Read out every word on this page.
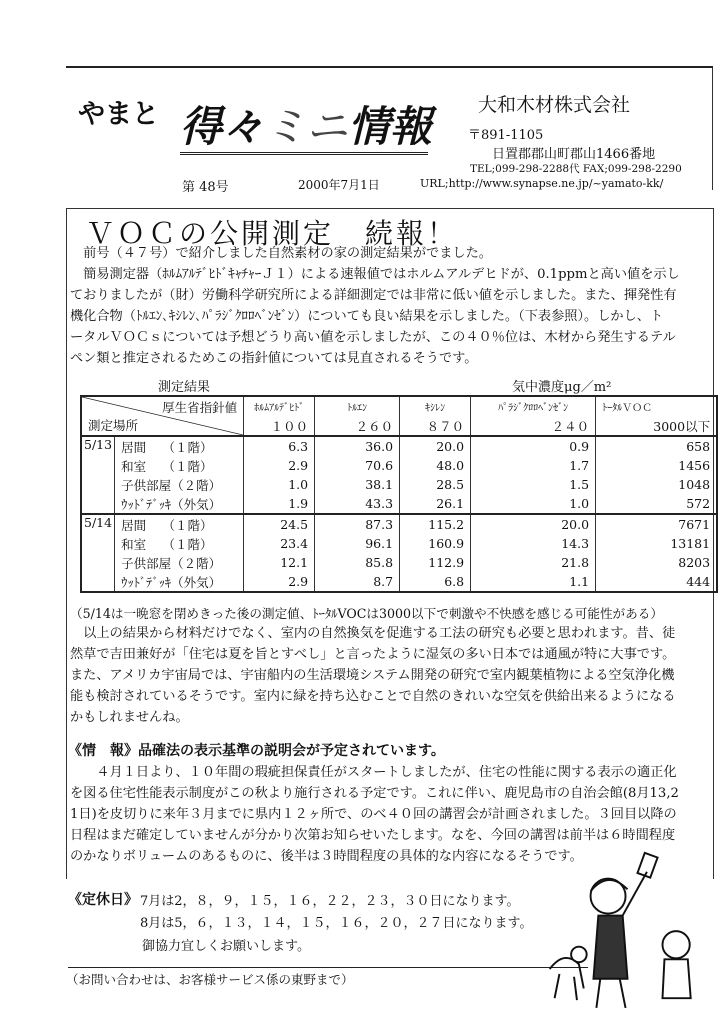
やまと 得々ミニ情報 大和木材株式会社
〒891-1105
日置郡郡山町郡山1466番地
TEL;099-298-2288代 FAX;099-298-2290
第 48号	2000年7月1日	URL;http://www.synapse.ne.jp/~yamato-kk/
ＶＯＣの公開測定　続報！
　前号（４７号）で紹介しました自然素材の家の測定結果がでました。
　簡易測定器（ﾎﾙﾑｱﾙﾃﾞﾋﾄﾞｷｬﾁｬｰＪ１）による速報値ではホルムアルデヒドが、0.1ppmと高い値を示し
ておりましたが（財）労働科学研究所による詳細測定では非常に低い値を示しました。また、揮発性有
機化合物（ﾄﾙｴﾝ､ｷｼﾚﾝ､ﾊﾟﾗｼﾞｸﾛﾛﾍﾞﾝｾﾞﾝ）についても良い結果を示しました。（下表参照）。しかし、ト
ータルＶＯＣｓについては予想どうり高い値を示しましたが、この４０％位は、木材から発生するテル
ペン類と推定されるためこの指針値については見直されるそうです。
測定結果	気中濃度μg／m²
厚生省指針値
測定場所		ﾎﾙﾑｱﾙﾃﾞﾋﾄﾞ	ﾄﾙｴﾝ	ｷｼﾚﾝ	ﾊﾟﾗｼﾞｸﾛﾛﾍﾞﾝｾﾞﾝ	ﾄｰﾀﾙＶＯＣ
		１００	２６０	８７０	２４０	3000以下
5/13	居間　 （１階）	6.3	36.0	20.0	0.9	658
	和室　 （１階）	2.9	70.6	48.0	1.7	1456
	子供部屋（２階）	1.0	38.1	28.5	1.5	1048
	ｳｯﾄﾞﾃﾞｯｷ（外気）	1.9	43.3	26.1	1.0	572
5/14	居間　 （１階）	24.5	87.3	115.2	20.0	7671
	和室　 （１階）	23.4	96.1	160.9	14.3	13181
	子供部屋（２階）	12.1	85.8	112.9	21.8	8203
	ｳｯﾄﾞﾃﾞｯｷ（外気）	2.9	8.7	6.8	1.1	444
（5/14は一晩窓を閉めきった後の測定値、ﾄｰﾀﾙVOCは3000以下で刺激や不快感を感じる可能性がある）
　以上の結果から材料だけでなく、室内の自然換気を促進する工法の研究も必要と思われます。昔、徒
然草で吉田兼好が「住宅は夏を旨とすべし」と言ったように湿気の多い日本では通風が特に大事です。
また、アメリカ宇宙局では、宇宙船内の生活環境システム開発の研究で室内観葉植物による空気浄化機
能も検討されているそうです。室内に緑を持ち込むことで自然のきれいな空気を供給出来るようになる
かもしれませんね。
《情　報》品確法の表示基準の説明会が予定されています。
　　４月１日より、１０年間の瑕疵担保責任がスタートしましたが、住宅の性能に関する表示の適正化
を図る住宅性能表示制度がこの秋より施行される予定です。これに伴い、鹿児島市の自治会館(8月13,2
1日)を皮切りに来年３月までに県内１２ヶ所で、のべ４０回の講習会が計画されました。３回目以降の
日程はまだ確定していませんが分かり次第お知らせいたします。なを、今回の講習は前半は６時間程度
のかなりボリュームのあるものに、後半は３時間程度の具体的な内容になるそうです。
《定休日》 7月は2，８，９，１５，１６，２２，２３，３０日になります。
8月は5，６，１３，１４，１５，１６，２０，２７日になります。
御協力宜しくお願いします。
（お問い合わせは、お客様サービス係の東野まで）
